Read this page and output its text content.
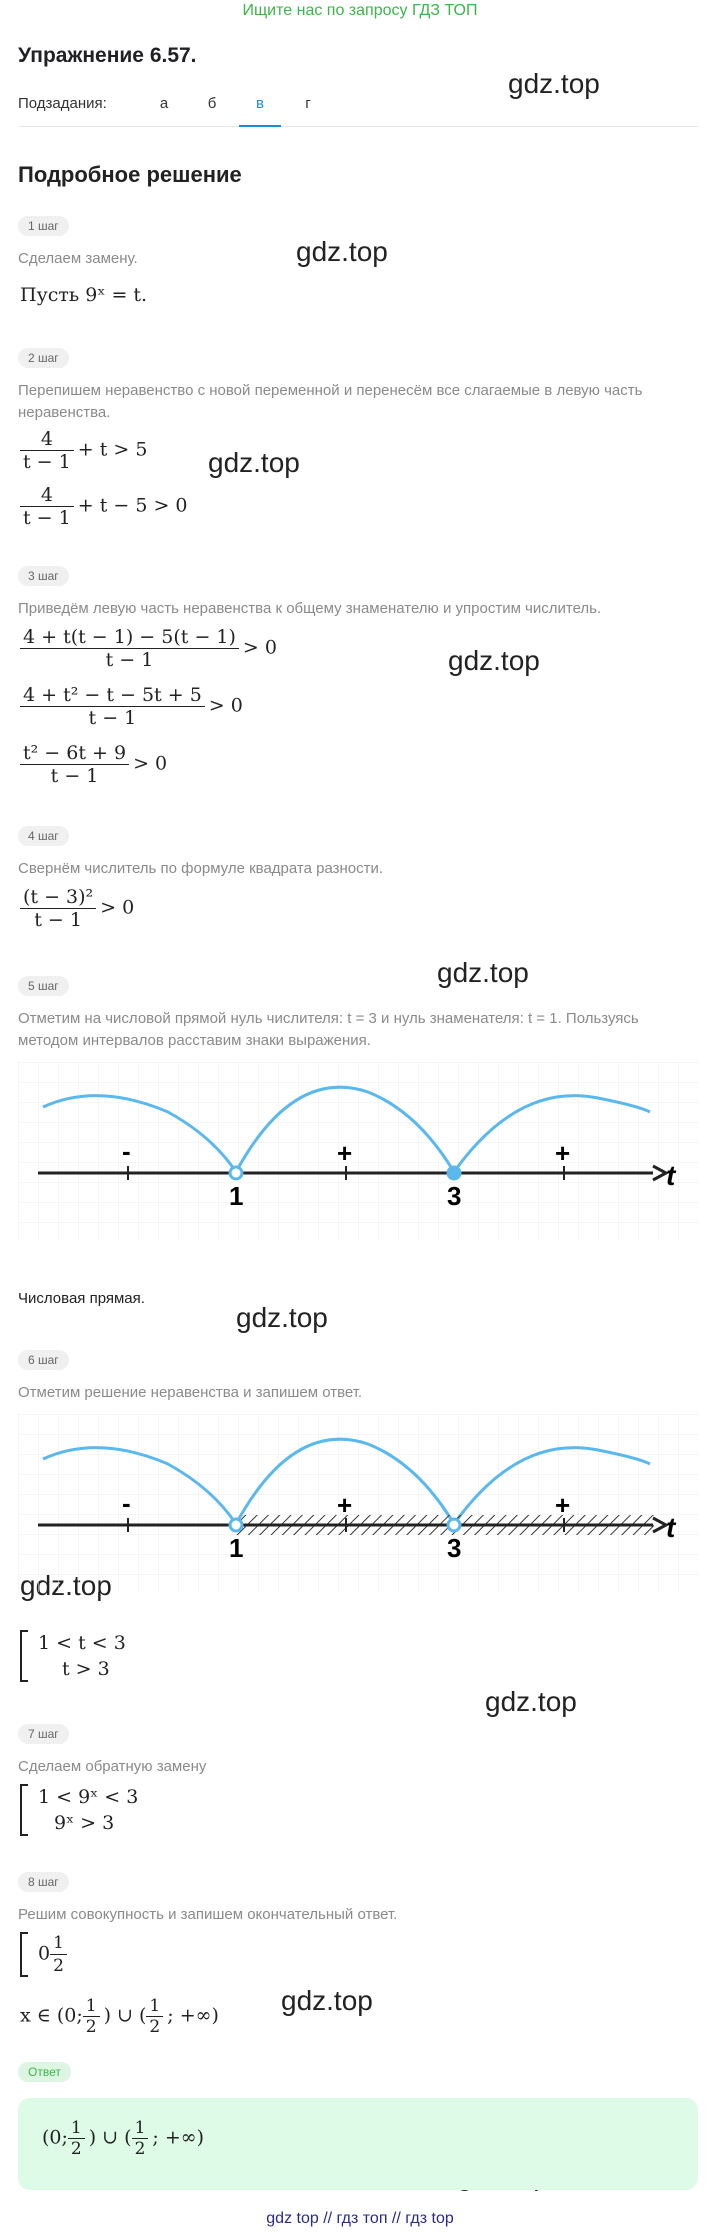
Ищите нас по запросу ГДЗ ТОП
Упражнение 6.57.
Подзадания:	а	б	в	г
Подробное решение
gdz.top
gdz.top
gdz.top
gdz.top
gdz.top
gdz.top
gdz.top
gdz.top
1 шаг
Сделаем замену.
Пусть 9ˣ = t.
2 шаг
Перепишем неравенство с новой переменной и перенесём все слагаемые в левую часть неравенства.
$\frac{4}{t - 1} + t > 5$
$\frac{4}{t - 1} + t - 5 > 0$
3 шаг
Приведём левую часть неравенства к общему знаменателю и упростим числитель.
$\frac{4 + t(t - 1) - 5(t - 1)}{t - 1} > 0$
$\frac{\text{4 + t² − t − 5t + 5}}{t - 1} > 0$
$\frac{\text{t² − 6t + 9}}{t - 1} > 0$
4 шаг
Свернём числитель по формуле квадрата разности.
$\frac{\text{(t − 3)²}}{t - 1} > 0$
5 шаг
Отметим на числовой прямой нуль числителя: t = 3 и нуль знаменателя: t = 1. Пользуясь методом интервалов расставим знаки выражения.
-	+	+
1	3
t
Числовая прямая.
6 шаг
Отметим решение неравенства и запишем ответ.
-	+	+
1	3
t
1 < t < 3
t > 3
7 шаг
Сделаем обратную замену
1 < 9ˣ < 3
9ˣ > 3
8 шаг
Решим совокупность и запишем окончательный ответ.
$0 \frac{1}{2}$
x ∈ (0; $\frac{1}{2}$ ) ∪ ( $\frac{1}{2}$ ; +∞)
Ответ
(0; $\frac{1}{2}$ ) ∪ ( $\frac{1}{2}$ ; +∞)
gdz top // гдз топ // гдз top
